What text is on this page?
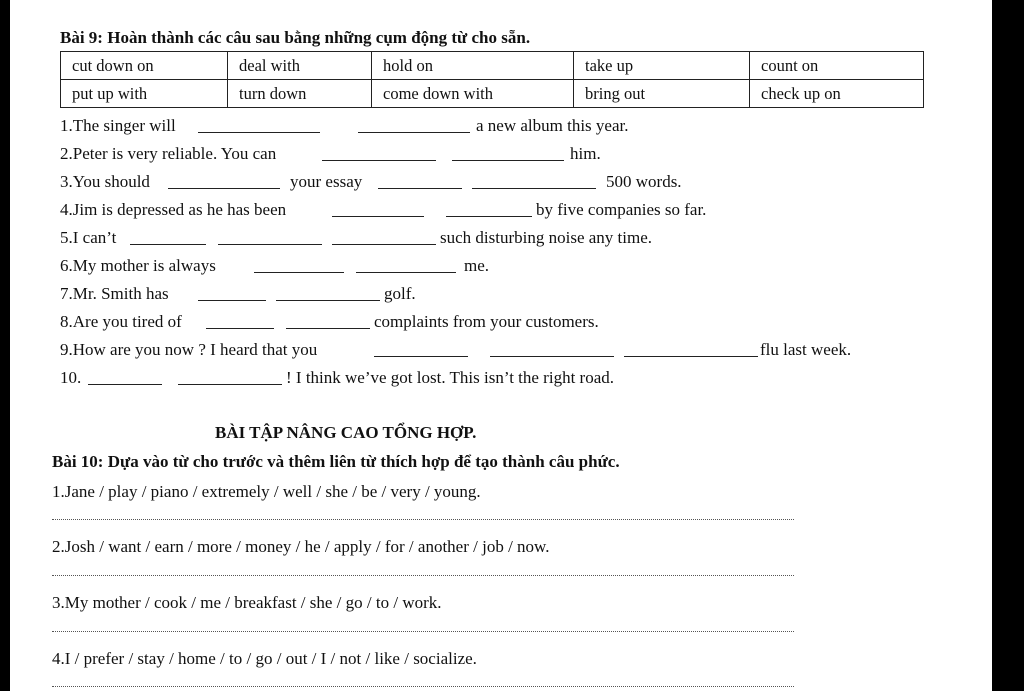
Bài 9: Hoàn thành các câu sau bằng những cụm động từ cho sẵn.
cut down on	deal with	hold on	take up	count on
put up with	turn down	come down with	bring out	check up on
1.The singer will	a new album this year.
2.Peter is very reliable. You can	him.
3.You should	your essay	500 words.
4.Jim is depressed as he has been	by five companies so far.
5.I can’t	such disturbing noise any time.
6.My mother is always	me.
7.Mr. Smith has	golf.
8.Are you tired of	complaints from your customers.
9.How are you now ? I heard that you	flu last week.
10.	! I think we’ve got lost. This isn’t the right road.
BÀI TẬP NÂNG CAO TỔNG HỢP.
Bài 10: Dựa vào từ cho trước và thêm liên từ thích hợp để tạo thành câu phức.
1.Jane / play / piano / extremely / well / she / be / very / young.
2.Josh / want / earn / more / money / he / apply / for / another / job / now.
3.My mother / cook / me / breakfast / she / go / to / work.
4.I / prefer / stay / home / to / go / out / I / not / like / socialize.
